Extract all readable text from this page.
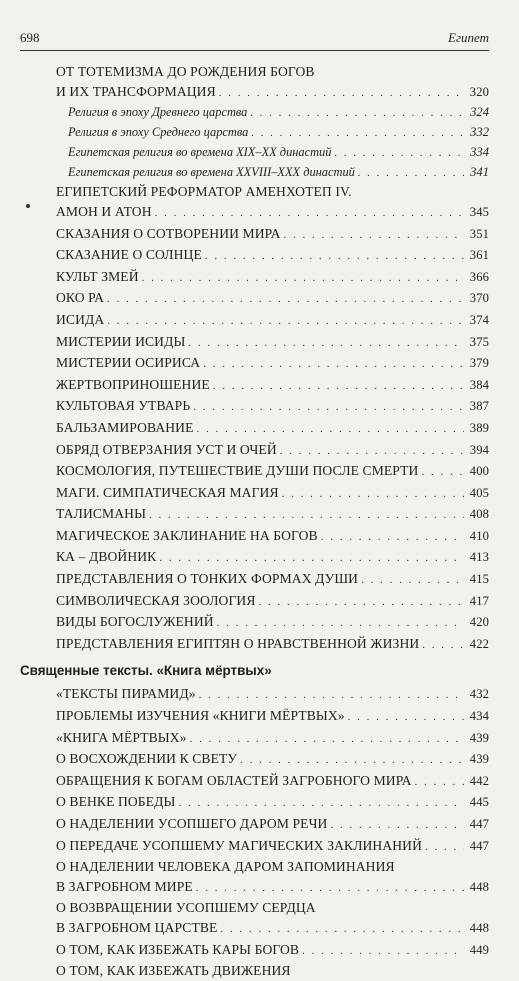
698	Египет
ОТ ТОТЕМИЗМА ДО РОЖДЕНИЯ БОГОВ
И ИХ ТРАНСФОРМАЦИЯ . . .	320
Религия в эпоху Древнего царства . . .	324
Религия в эпоху Среднего царства . . .	332
Египетская религия во времена XIX–XX династий . . .	334
Египетская религия во времена XXVIII–XXX династий . . .	341
ЕГИПЕТСКИЙ РЕФОРМАТОР АМЕНХОТЕП IV.
АМОН И АТОН . . .	345
СКАЗАНИЯ О СОТВОРЕНИИ МИРА . . .	351
СКАЗАНИЕ О СОЛНЦЕ . . .	361
КУЛЬТ ЗМЕЙ . . .	366
ОКО РА . . .	370
ИСИДА . . .	374
МИСТЕРИИ ИСИДЫ . . .	375
МИСТЕРИИ ОСИРИСА . . .	379
ЖЕРТВОПРИНОШЕНИЕ . . .	384
КУЛЬТОВАЯ УТВАРЬ . . .	387
БАЛЬЗАМИРОВАНИЕ . . .	389
ОБРЯД ОТВЕРЗАНИЯ УСТ И ОЧЕЙ . . .	394
КОСМОЛОГИЯ, ПУТЕШЕСТВИЕ ДУШИ ПОСЛЕ СМЕРТИ . . .	400
МАГИ. СИМПАТИЧЕСКАЯ МАГИЯ . . .	405
ТАЛИСМАНЫ . . .	408
МАГИЧЕСКОЕ ЗАКЛИНАНИЕ НА БОГОВ . . .	410
КА – ДВОЙНИК . . .	413
ПРЕДСТАВЛЕНИЯ О ТОНКИХ ФОРМАХ ДУШИ . . .	415
СИМВОЛИЧЕСКАЯ ЗООЛОГИЯ . . .	417
ВИДЫ БОГОСЛУЖЕНИЙ . . .	420
ПРЕДСТАВЛЕНИЯ ЕГИПТЯН О НРАВСТВЕННОЙ ЖИЗНИ . . .	422
Священные тексты. «Книга мёртвых»
«ТЕКСТЫ ПИРАМИД» . . .	432
ПРОБЛЕМЫ ИЗУЧЕНИЯ «КНИГИ МЁРТВЫХ» . . .	434
«КНИГА МЁРТВЫХ» . . .	439
О ВОСХОЖДЕНИИ К СВЕТУ . . .	439
ОБРАЩЕНИЯ К БОГАМ ОБЛАСТЕЙ ЗАГРОБНОГО МИРА . . .	442
О ВЕНКЕ ПОБЕДЫ . . .	445
О НАДЕЛЕНИИ УСОПШЕГО ДАРОМ РЕЧИ . . .	447
О ПЕРЕДАЧЕ УСОПШЕМУ МАГИЧЕСКИХ ЗАКЛИНАНИЙ . . .	447
О НАДЕЛЕНИИ ЧЕЛОВЕКА ДАРОМ ЗАПОМИНАНИЯ
В ЗАГРОБНОМ МИРЕ . . .	448
О ВОЗВРАЩЕНИИ УСОПШЕМУ СЕРДЦА
В ЗАГРОБНОМ ЦАРСТВЕ . . .	448
О ТОМ, КАК ИЗБЕЖАТЬ КАРЫ БОГОВ . . .	449
О ТОМ, КАК ИЗБЕЖАТЬ ДВИЖЕНИЯ
